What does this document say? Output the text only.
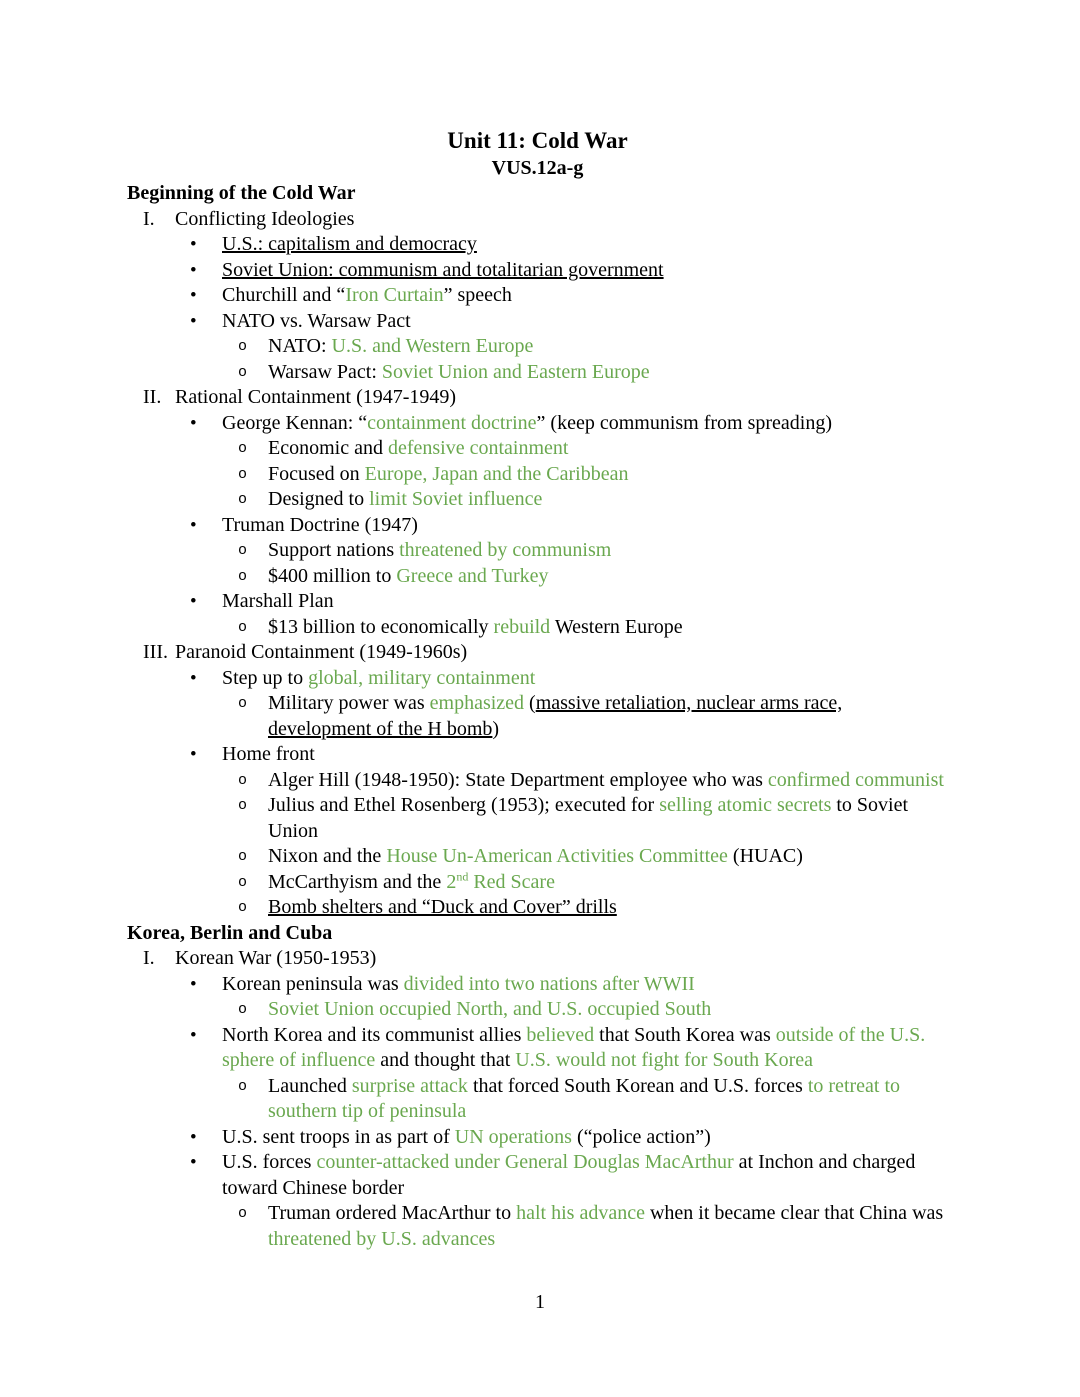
Unit 11: Cold War
VUS.12a-g
Beginning of the Cold War
I.	Conflicting Ideologies
•	U.S.: capitalism and democracy
•	Soviet Union: communism and totalitarian government
•	Churchill and “Iron Curtain” speech
•	NATO vs. Warsaw Pact
o	NATO: U.S. and Western Europe
o	Warsaw Pact: Soviet Union and Eastern Europe
II. Rational Containment (1947-1949)
•	George Kennan: “containment doctrine” (keep communism from spreading)
o	Economic and defensive containment
o	Focused on Europe, Japan and the Caribbean
o	Designed to limit Soviet influence
•	Truman Doctrine (1947)
o	Support nations threatened by communism
o	$400 million to Greece and Turkey
•	Marshall Plan
o	$13 billion to economically rebuild Western Europe
III. Paranoid Containment (1949-1960s)
•	Step up to global, military containment
o	Military power was emphasized (massive retaliation, nuclear arms race, development of the H bomb)
•	Home front
o	Alger Hill (1948-1950): State Department employee who was confirmed communist
o	Julius and Ethel Rosenberg (1953); executed for selling atomic secrets to Soviet Union
o	Nixon and the House Un-American Activities Committee (HUAC)
o	McCarthyism and the 2nd Red Scare
o	Bomb shelters and “Duck and Cover” drills
Korea, Berlin and Cuba
I.	Korean War (1950-1953)
•	Korean peninsula was divided into two nations after WWII
o	Soviet Union occupied North, and U.S. occupied South
•	North Korea and its communist allies believed that South Korea was outside of the U.S. sphere of influence and thought that U.S. would not fight for South Korea
o	Launched surprise attack that forced South Korean and U.S. forces to retreat to southern tip of peninsula
•	U.S. sent troops in as part of UN operations (“police action”)
•	U.S. forces counter-attacked under General Douglas MacArthur at Inchon and charged toward Chinese border
o	Truman ordered MacArthur to halt his advance when it became clear that China was threatened by U.S. advances
1
